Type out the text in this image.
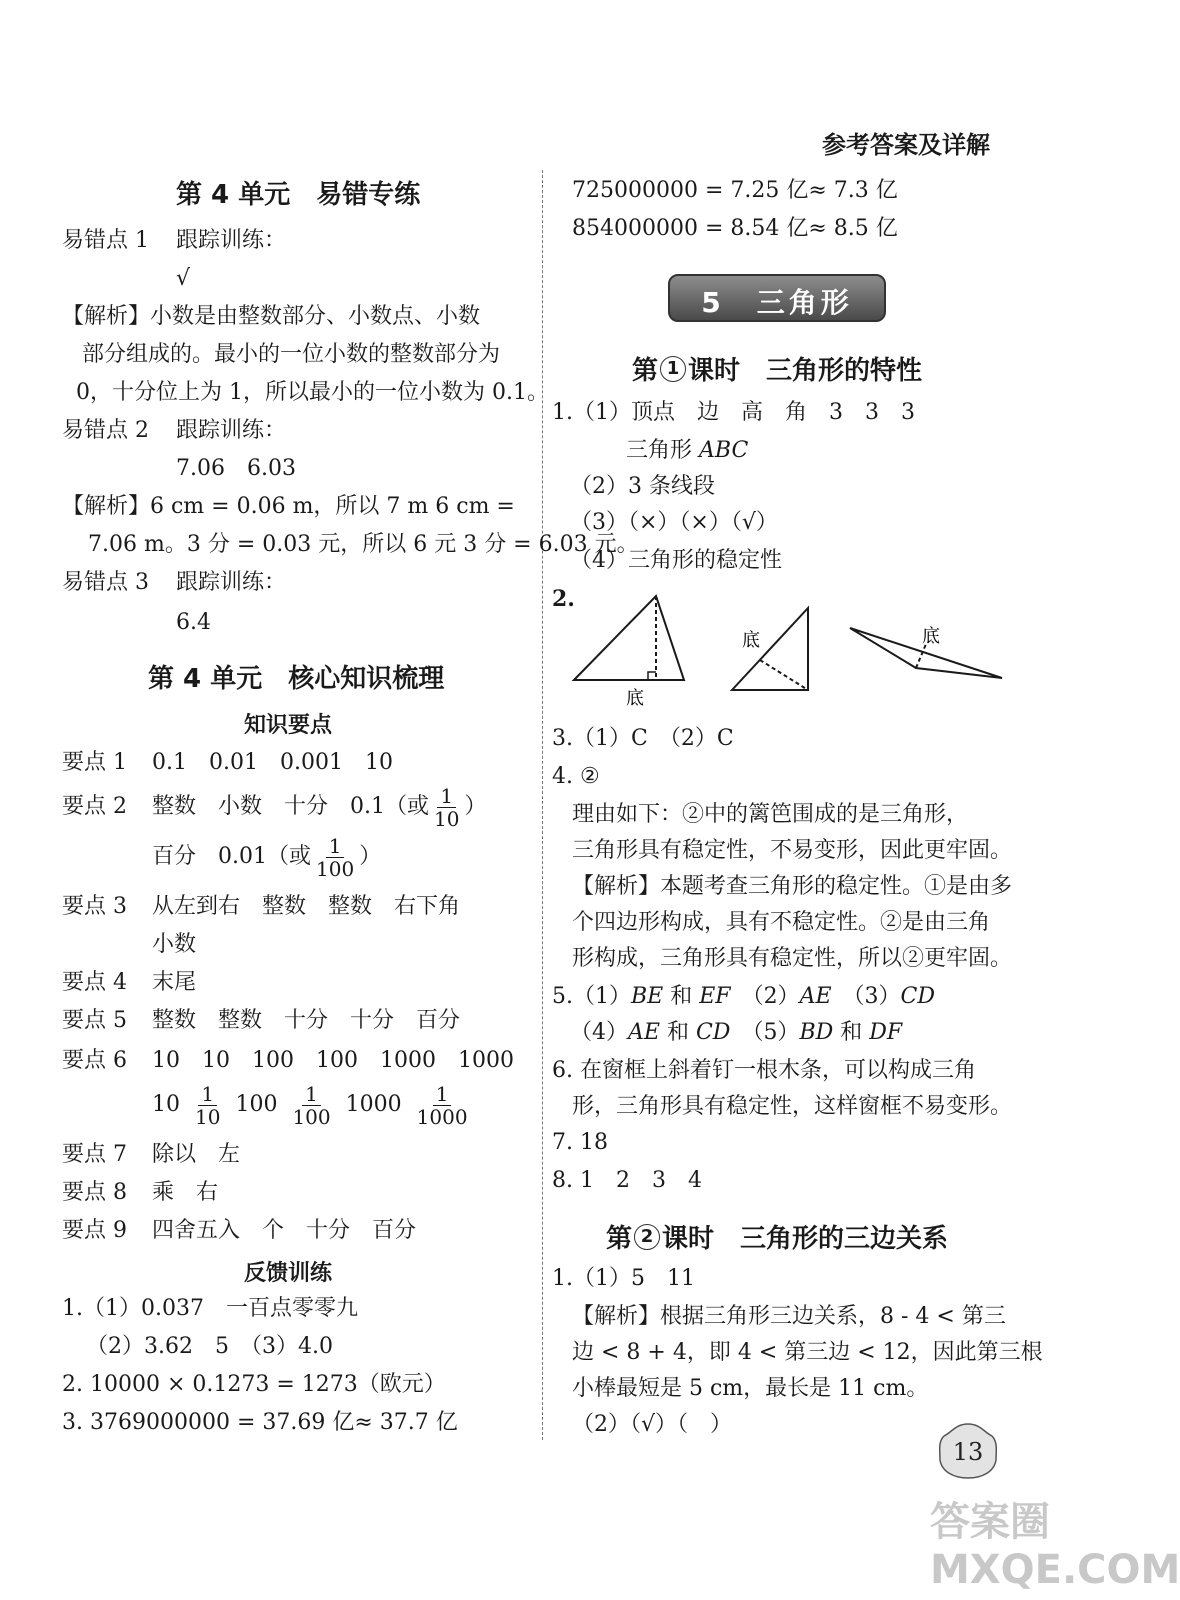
参考答案及详解
第 4 单元　易错专练
易错点 1 跟踪训练：
√
【解析】小数是由整数部分、小数点、小数
部分组成的。最小的一位小数的整数部分为
0，十分位上为 1，所以最小的一位小数为 0.1。
易错点 2 跟踪训练：
7.06　6.03
【解析】6 cm = 0.06 m，所以 7 m 6 cm =
7.06 m。3 分 = 0.03 元，所以 6 元 3 分 = 6.03 元。
易错点 3 跟踪训练：
6.4
第 4 单元　核心知识梳理
知识要点
要点 1 0.1　0.01　0.001　10
要点 2 整数　小数　十分　0.1（或 $\frac{1}{10}$ ）
百分　0.01（或 $\frac{1}{100}$ ）
要点 3 从左到右　整数　整数　右下角
小数
要点 4 末尾
要点 5 整数　整数　十分　十分　百分
要点 6 10　10　100　100　1000　1000
$10 \frac{1}{10} 100 \frac{1}{100} 1000 \frac{1}{1000}$
要点 7 除以　左
要点 8 乘　右
要点 9 四舍五入　个　十分　百分
反馈训练
1.（1）0.037　一百点零零九
（2）3.62　5　（3）4.0
2. 10000 × 0.1273 = 1273（欧元）
3. 3769000000 = 37.69 亿≈ 37.7 亿
725000000 = 7.25 亿≈ 7.3 亿
854000000 = 8.54 亿≈ 8.5 亿
5　三角形
第 1 课时　三角形的特性
1.（1）顶点　边　高　角　3　3　3
三角形 ABC
（2）3 条线段
（3）（×）（×）（√）
（4）三角形的稳定性
2.
底
底	底
3.（1）C　（2）C
4. ②
理由如下：②中的篱笆围成的是三角形，
三角形具有稳定性，不易变形，因此更牢固。
【解析】本题考查三角形的稳定性。①是由多
个四边形构成，具有不稳定性。②是由三角
形构成，三角形具有稳定性，所以②更牢固。
5.（1）BE 和 EF　（2）AE　（3）CD
（4）AE 和 CD　（5）BD 和 DF
6. 在窗框上斜着钉一根木条，可以构成三角
形，三角形具有稳定性，这样窗框不易变形。
7. 18
8. 1　2　3　4
第 2 课时　三角形的三边关系
1.（1）5　11
【解析】根据三角形三边关系，8 - 4 < 第三
边 < 8 + 4，即 4 < 第三边 < 12，因此第三根
小棒最短是 5 cm，最长是 11 cm。
（2）（√）（　）
13
答案圈 MXQE.COM
